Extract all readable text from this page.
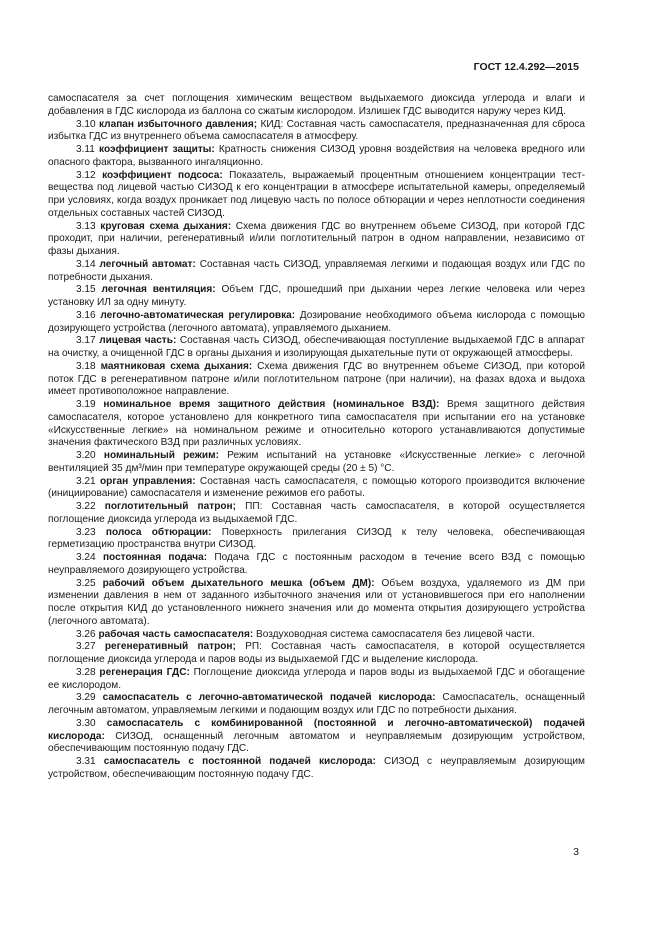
ГОСТ 12.4.292—2015

самоспасателя за счет поглощения химическим веществом выдыхаемого диоксида углерода и влаги и добавления в ГДС кислорода из баллона со сжатым кислородом. Излишек ГДС выводится наружу через КИД.

3.10 клапан избыточного давления; КИД: Составная часть самоспасателя, предназначенная для сброса избытка ГДС из внутреннего объема самоспасателя в атмосферу.

3.11 коэффициент защиты: Кратность снижения СИЗОД уровня воздействия на человека вредного или опасного фактора, вызванного ингаляционно.

3.12 коэффициент подсоса: Показатель, выражаемый процентным отношением концентрации тест-вещества под лицевой частью СИЗОД к его концентрации в атмосфере испытательной камеры, определяемый при условиях, когда воздух проникает под лицевую часть по полосе обтюрации и через неплотности соединения отдельных составных частей СИЗОД.

3.13 круговая схема дыхания: Схема движения ГДС во внутреннем объеме СИЗОД, при которой ГДС проходит, при наличии, регенеративный и/или поглотительный патрон в одном направлении, независимо от фазы дыхания.

3.14 легочный автомат: Составная часть СИЗОД, управляемая легкими и подающая воздух или ГДС по потребности дыхания.

3.15 легочная вентиляция: Объем ГДС, прошедший при дыхании через легкие человека или через установку ИЛ за одну минуту.

3.16 легочно-автоматическая регулировка: Дозирование необходимого объема кислорода с помощью дозирующего устройства (легочного автомата), управляемого дыханием.

3.17 лицевая часть: Составная часть СИЗОД, обеспечивающая поступление выдыхаемой ГДС в аппарат на очистку, а очищенной ГДС в органы дыхания и изолирующая дыхательные пути от окружающей атмосферы.

3.18 маятниковая схема дыхания: Схема движения ГДС во внутреннем объеме СИЗОД, при которой поток ГДС в регенеративном патроне и/или поглотительном патроне (при наличии), на фазах вдоха и выдоха имеет противоположное направление.

3.19 номинальное время защитного действия (номинальное ВЗД): Время защитного действия самоспасателя, которое установлено для конкретного типа самоспасателя при испытании его на установке «Искусственные легкие» на номинальном режиме и относительно которого устанавливаются допустимые значения фактического ВЗД при различных условиях.

3.20 номинальный режим: Режим испытаний на установке «Искусственные легкие» с легочной вентиляцией 35 дм³/мин при температуре окружающей среды (20 ± 5) °С.

3.21 орган управления: Составная часть самоспасателя, с помощью которого производится включение (инициирование) самоспасателя и изменение режимов его работы.

3.22 поглотительный патрон; ПП: Составная часть самоспасателя, в которой осуществляется поглощение диоксида углерода из выдыхаемой ГДС.

3.23 полоса обтюрации: Поверхность прилегания СИЗОД к телу человека, обеспечивающая герметизацию пространства внутри СИЗОД.

3.24 постоянная подача: Подача ГДС с постоянным расходом в течение всего ВЗД с помощью неуправляемого дозирующего устройства.

3.25 рабочий объем дыхательного мешка (объем ДМ): Объем воздуха, удаляемого из ДМ при изменении давления в нем от заданного избыточного значения или от установившегося при его наполнении после открытия КИД до установленного нижнего значения или до момента открытия дозирующего устройства (легочного автомата).

3.26 рабочая часть самоспасателя: Воздуховодная система самоспасателя без лицевой части.

3.27 регенеративный патрон; РП: Составная часть самоспасателя, в которой осуществляется поглощение диоксида углерода и паров воды из выдыхаемой ГДС и выделение кислорода.

3.28 регенерация ГДС: Поглощение диоксида углерода и паров воды из выдыхаемой ГДС и обогащение ее кислородом.

3.29 самоспасатель с легочно-автоматической подачей кислорода: Самоспасатель, оснащенный легочным автоматом, управляемым легкими и подающим воздух или ГДС по потребности дыхания.

3.30 самоспасатель с комбинированной (постоянной и легочно-автоматической) подачей кислорода: СИЗОД, оснащенный легочным автоматом и неуправляемым дозирующим устройством, обеспечивающим постоянную подачу ГДС.

3.31 самоспасатель с постоянной подачей кислорода: СИЗОД с неуправляемым дозирующим устройством, обеспечивающим постоянную подачу ГДС.

3
